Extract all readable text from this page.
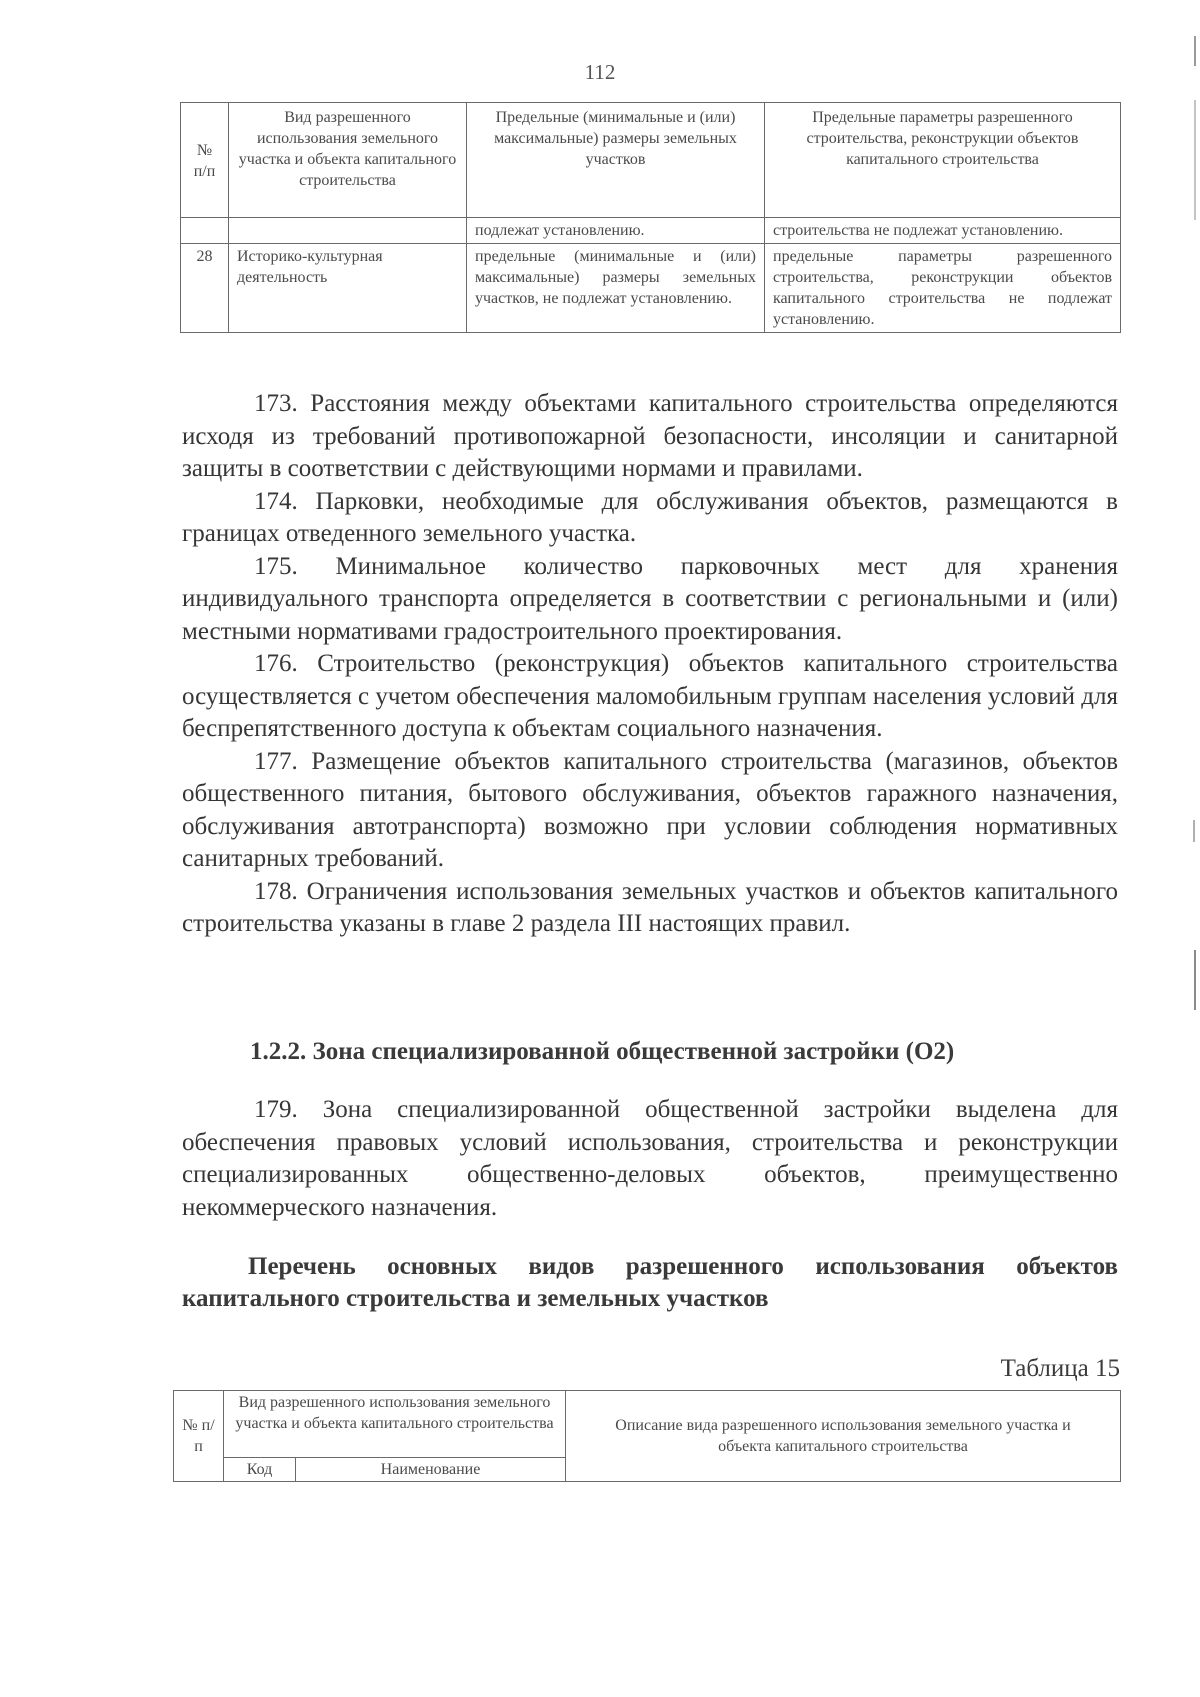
112
№ п/п	Вид разрешенного использования земельного участка и объекта капитального строительства	Предельные (минимальные и (или) максимальные) размеры земельных участков	Предельные параметры разрешенного строительства, реконструкции объектов капитального строительства
		подлежат установлению.	строительства не подлежат установлению.
28	Историко-культурная деятельность	предельные (минимальные и (или) максимальные) размеры земельных участков, не подлежат установлению.	предельные параметры разрешенного строительства, реконструкции объектов капитального строительства не подлежат установлению.

173. Расстояния между объектами капитального строительства определяются исходя из требований противопожарной безопасности, инсоляции и санитарной защиты в соответствии с действующими нормами и правилами.

174. Парковки, необходимые для обслуживания объектов, размещаются в границах отведенного земельного участка.

175. Минимальное количество парковочных мест для хранения индивидуального транспорта определяется в соответствии с региональными и (или) местными нормативами градостроительного проектирования.

176. Строительство (реконструкция) объектов капитального строительства осуществляется с учетом обеспечения маломобильным группам населения условий для беспрепятственного доступа к объектам социального назначения.

177. Размещение объектов капитального строительства (магазинов, объектов общественного питания, бытового обслуживания, объектов гаражного назначения, обслуживания автотранспорта) возможно при условии соблюдения нормативных санитарных требований.

178. Ограничения использования земельных участков и объектов капитального строительства указаны в главе 2 раздела III настоящих правил.

1.2.2. Зона специализированной общественной застройки (О2)

179. Зона специализированной общественной застройки выделена для обеспечения правовых условий использования, строительства и реконструкции специализированных общественно-деловых объектов, преимущественно некоммерческого назначения.

Перечень основных видов разрешенного использования объектов капитального строительства и земельных участков
Таблица 15
№ п/п	Вид разрешенного использования земельного участка и объекта капитального строительства		Описание вида разрешенного использования земельного участка и объекта капитального строительства
	Код	Наименование	
